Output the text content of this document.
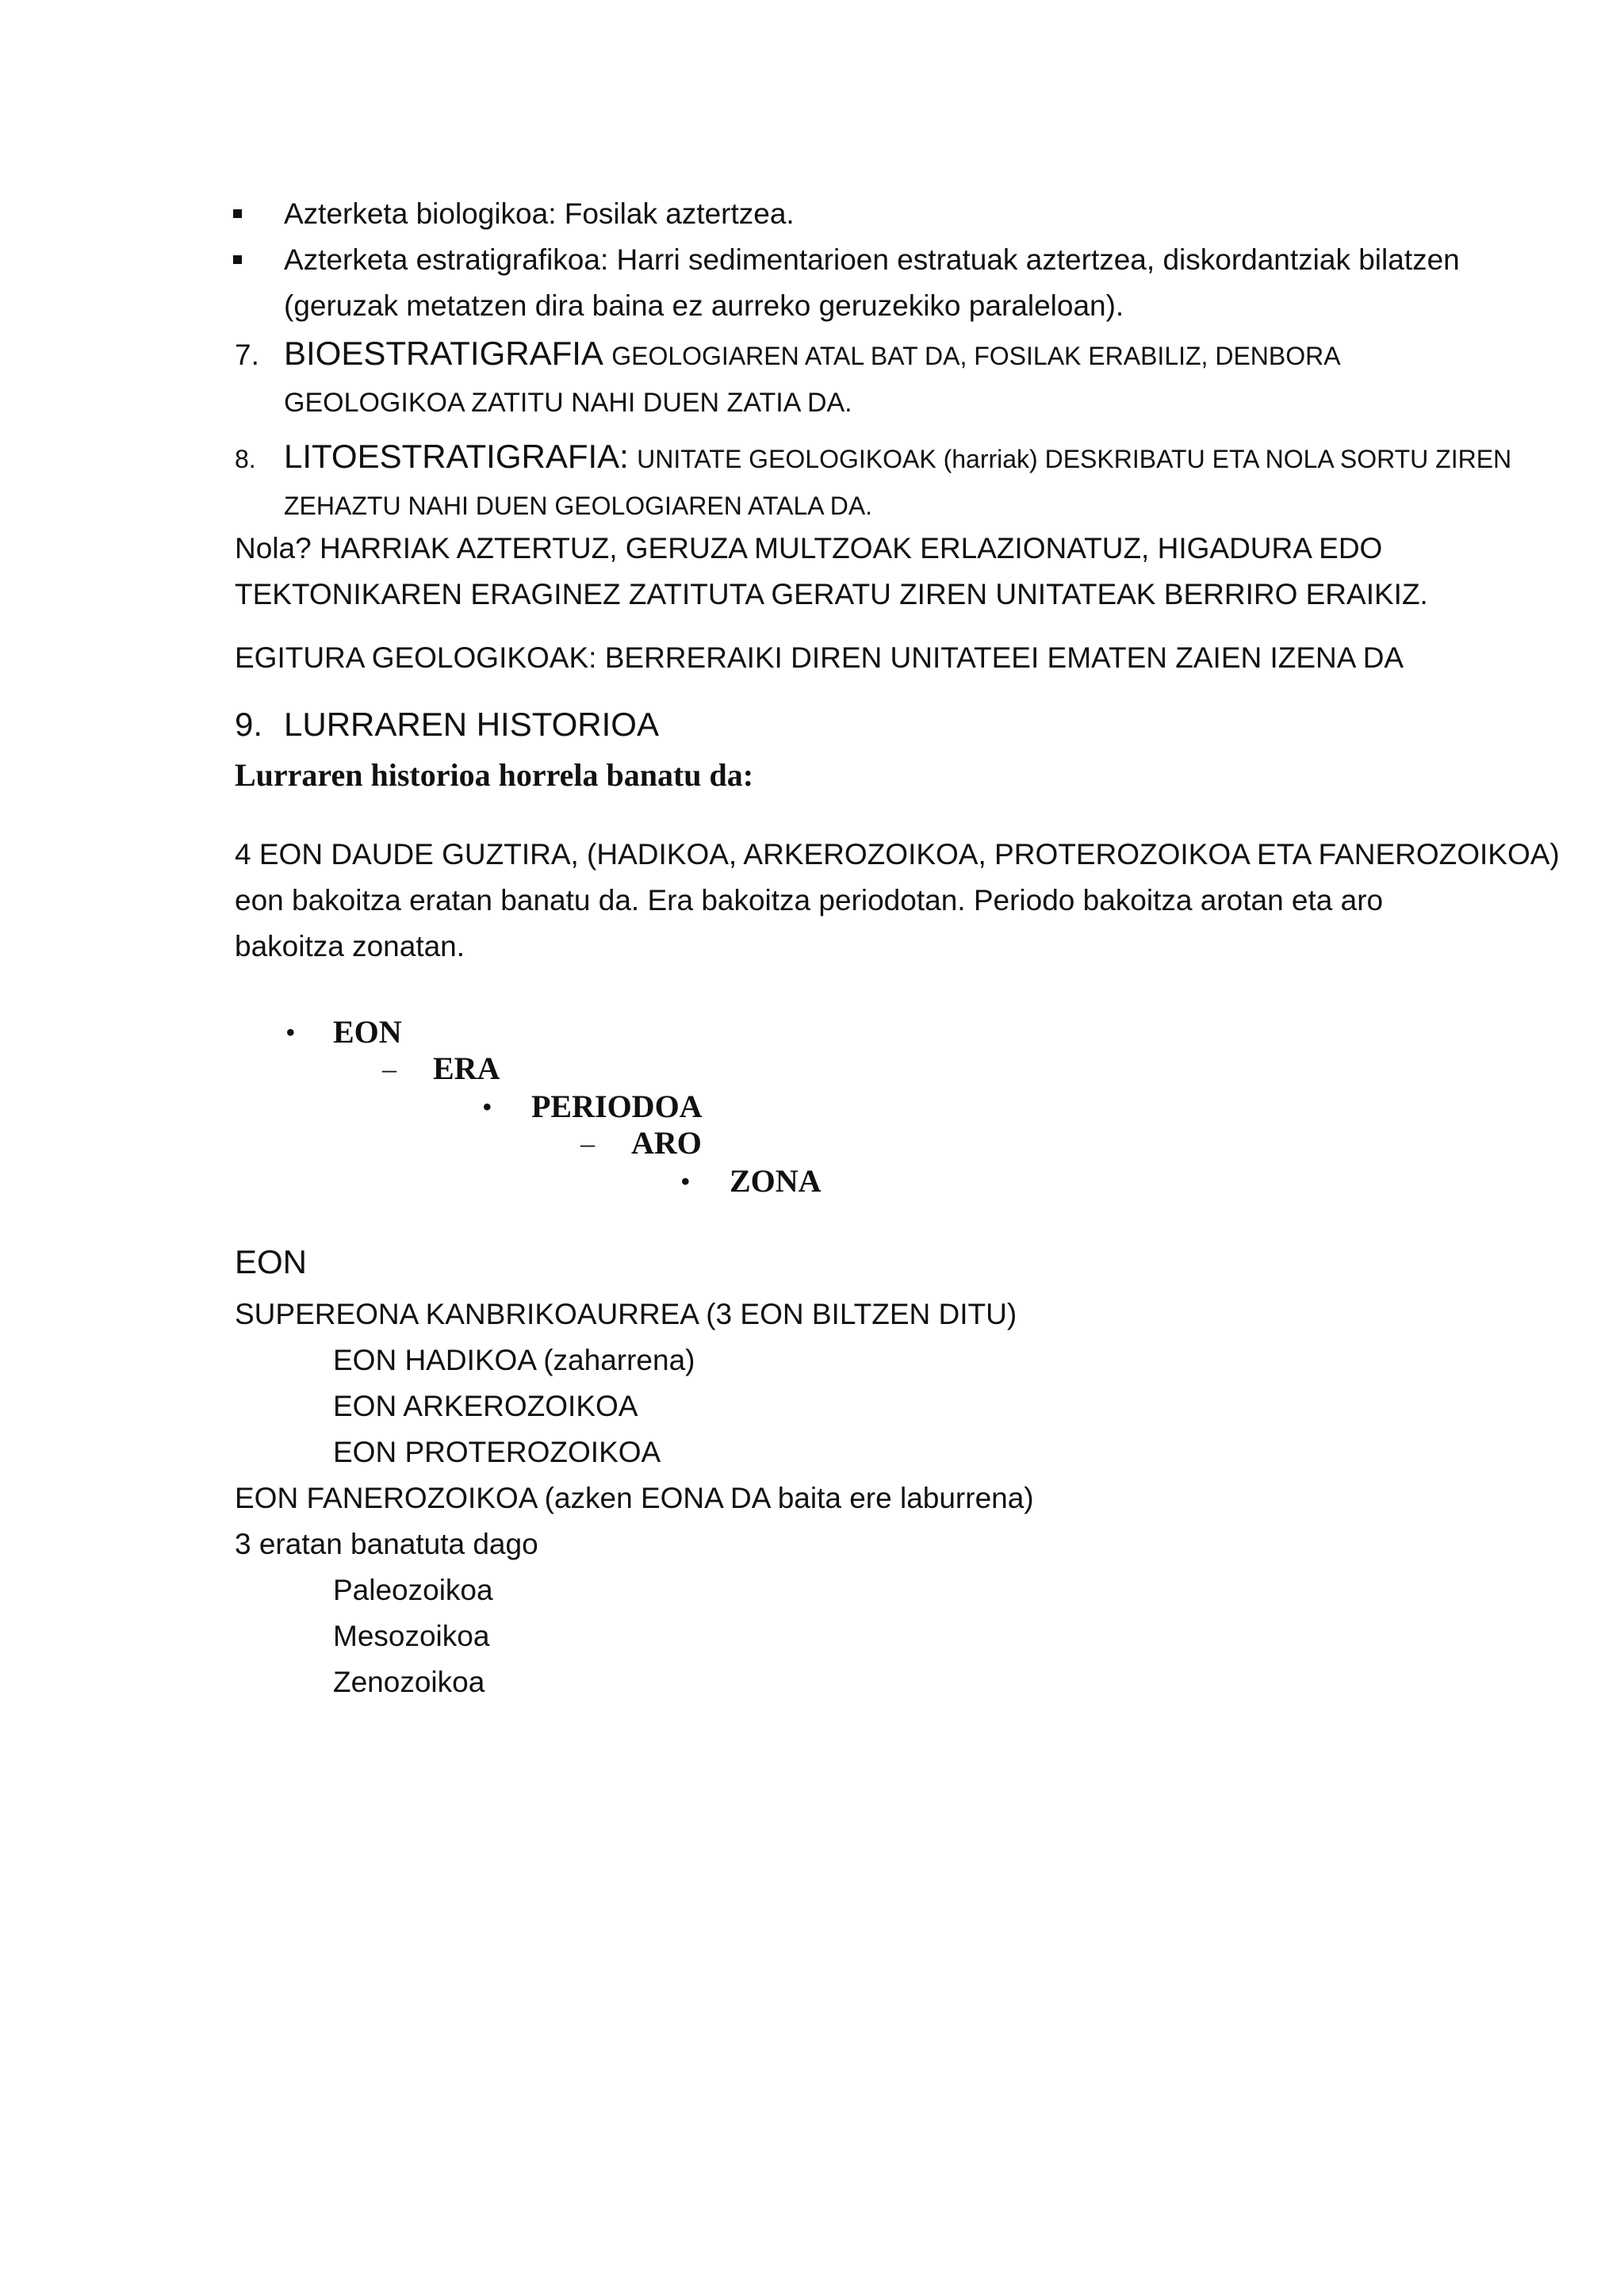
Azterketa biologikoa: Fosilak aztertzea.
Azterketa estratigrafikoa: Harri sedimentarioen estratuak aztertzea, diskordantziak bilatzen
(geruzak metatzen dira baina ez aurreko geruzekiko paraleloan).
7. BIOESTRATIGRAFIA GEOLOGIAREN ATAL BAT DA, FOSILAK ERABILIZ, DENBORA
GEOLOGIKOA ZATITU NAHI DUEN ZATIA DA.
8. LITOESTRATIGRAFIA: UNITATE GEOLOGIKOAK (harriak) DESKRIBATU ETA NOLA SORTU ZIREN
ZEHAZTU NAHI DUEN GEOLOGIAREN ATALA DA.
Nola? HARRIAK AZTERTUZ, GERUZA MULTZOAK ERLAZIONATUZ, HIGADURA EDO
TEKTONIKAREN ERAGINEZ ZATITUTA GERATU ZIREN UNITATEAK BERRIRO ERAIKIZ.
EGITURA GEOLOGIKOAK: BERRERAIKI DIREN UNITATEEI EMATEN ZAIEN IZENA DA
9. LURRAREN HISTORIOA
Lurraren historioa horrela banatu da:
4 EON DAUDE GUZTIRA, (HADIKOA, ARKEROZOIKOA, PROTEROZOIKOA ETA FANEROZOIKOA)
eon bakoitza eratan banatu da. Era bakoitza periodotan. Periodo bakoitza arotan eta aro
bakoitza zonatan.
• EON
– ERA
• PERIODOA
– ARO
• ZONA
EON
SUPEREONA KANBRIKOAURREA (3 EON BILTZEN DITU)
EON HADIKOA (zaharrena)
EON ARKEROZOIKOA
EON PROTEROZOIKOA
EON FANEROZOIKOA (azken EONA DA baita ere laburrena)
3 eratan banatuta dago
Paleozoikoa
Mesozoikoa
Zenozoikoa
